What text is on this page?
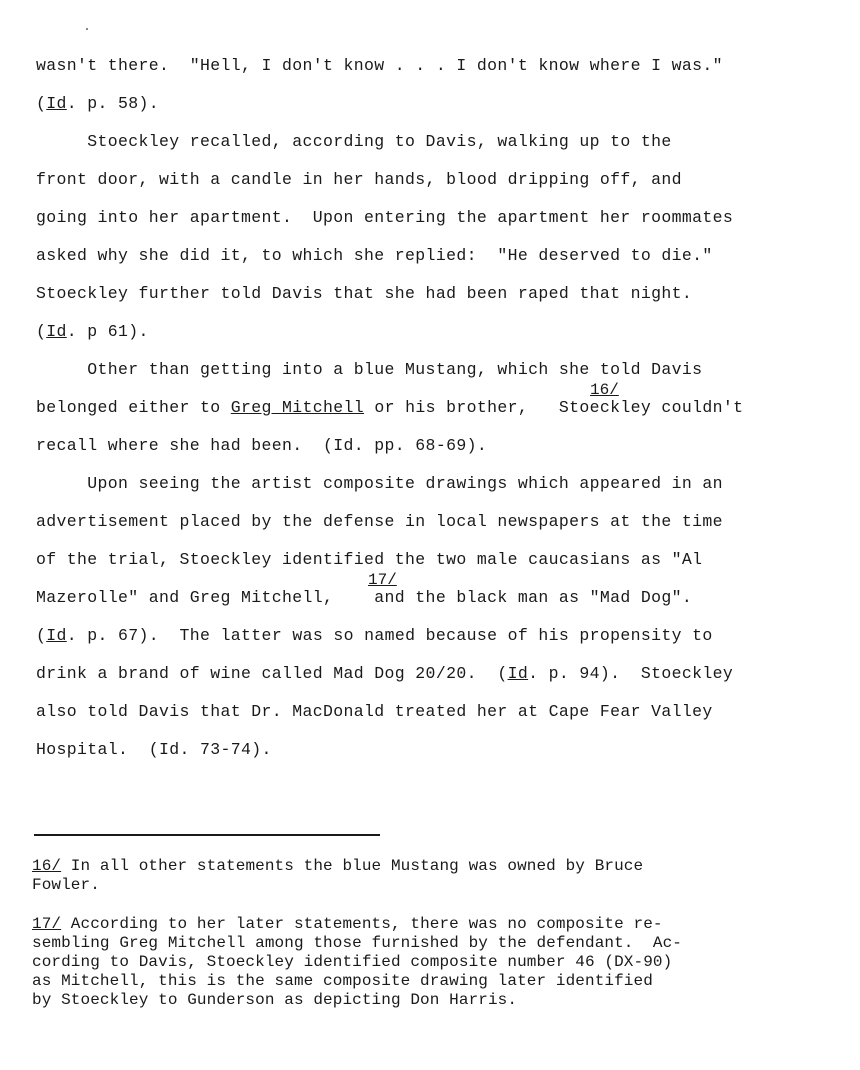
wasn't there.  "Hell, I don't know . . . I don't know where I was."
(Id. p. 58).
Stoeckley recalled, according to Davis, walking up to the
front door, with a candle in her hands, blood dripping off, and
going into her apartment.  Upon entering the apartment her roommates
asked why she did it, to which she replied:  "He deserved to die."
Stoeckley further told Davis that she had been raped that night.
(Id. p 61).
Other than getting into a blue Mustang, which she told Davis
16/
belonged either to Greg Mitchell or his brother,   Stoeckley couldn't
recall where she had been.  (Id. pp. 68-69).
Upon seeing the artist composite drawings which appeared in an
advertisement placed by the defense in local newspapers at the time
of the trial, Stoeckley identified the two male caucasians as "Al
17/
Mazerolle" and Greg Mitchell,    and the black man as "Mad Dog".
(Id. p. 67).  The latter was so named because of his propensity to
drink a brand of wine called Mad Dog 20/20.  (Id. p. 94).  Stoeckley
also told Davis that Dr. MacDonald treated her at Cape Fear Valley
Hospital.  (Id. 73-74).
16/ In all other statements the blue Mustang was owned by Bruce
Fowler.
17/ According to her later statements, there was no composite re-
sembling Greg Mitchell among those furnished by the defendant.  Ac-
cording to Davis, Stoeckley identified composite number 46 (DX-90)
as Mitchell, this is the same composite drawing later identified
by Stoeckley to Gunderson as depicting Don Harris.
